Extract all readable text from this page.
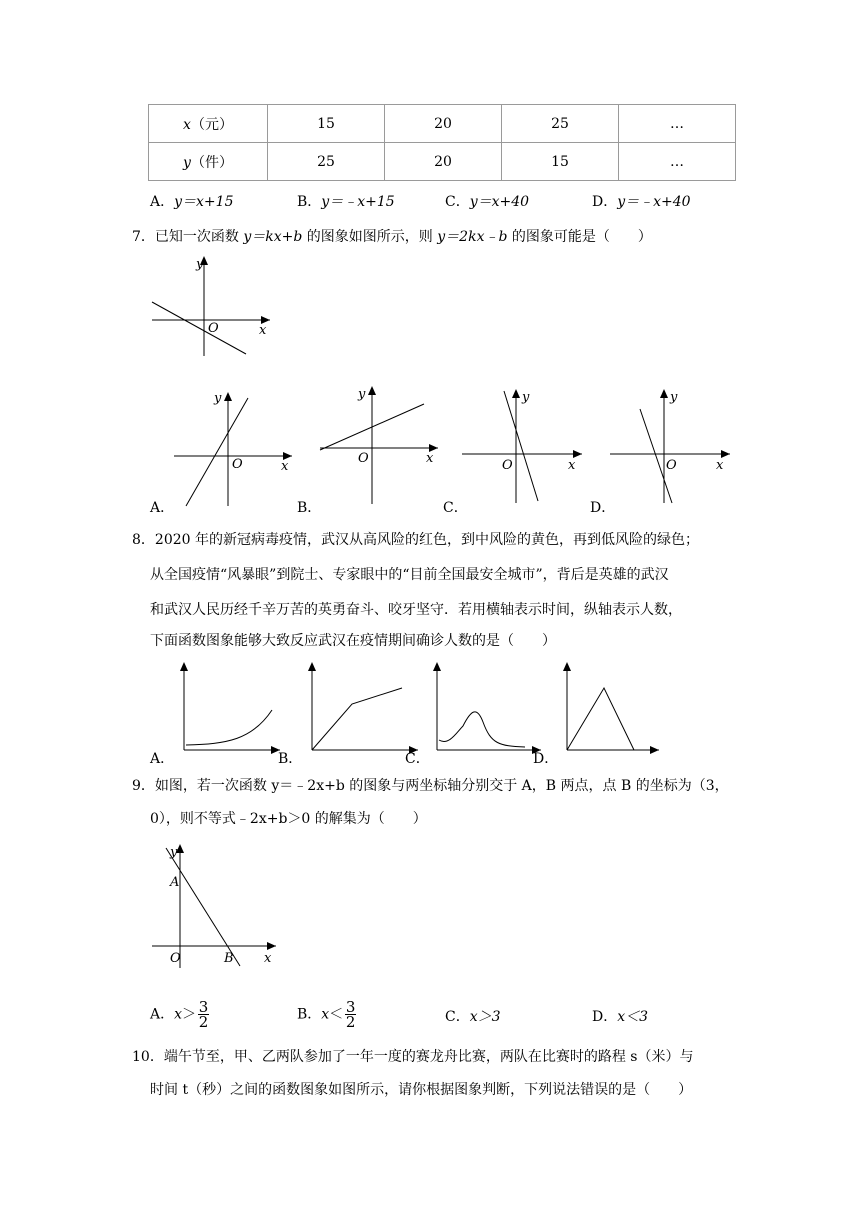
x（元）	15	20	25	…
y（件）	25	20	15	…
A．y＝x+15	B．y＝﹣x+15	C．y＝x+40	D．y＝﹣x+40
7．已知一次函数 y＝kx+b 的图象如图所示，则 y＝2kx﹣b 的图象可能是（　　）
y
x
O
y
x
O
y
x
O
y
x
O
y
x
O
A．	B．	C．	D．
8．2020 年的新冠病毒疫情，武汉从高风险的红色，到中风险的黄色，再到低风险的绿色；
从全国疫情“风暴眼”到院士、专家眼中的“目前全国最安全城市”，背后是英雄的武汉
和武汉人民历经千辛万苦的英勇奋斗、咬牙坚守．若用横轴表示时间，纵轴表示人数，
下面函数图象能够大致反应武汉在疫情期间确诊人数的是（　　）
A．	B．	C．	D．
9．如图，若一次函数 y＝﹣2x+b 的图象与两坐标轴分别交于 A，B 两点，点 B 的坐标为（3，
0），则不等式﹣2x+b＞0 的解集为（　　）
y
A
O	B x
A．$x> \frac{3}{2}$	B．$x< \frac{3}{2}$	C．x＞3	D．x＜3
10．端午节至，甲、乙两队参加了一年一度的赛龙舟比赛，两队在比赛时的路程 s（米）与
时间 t（秒）之间的函数图象如图所示，请你根据图象判断，下列说法错误的是（　　）
